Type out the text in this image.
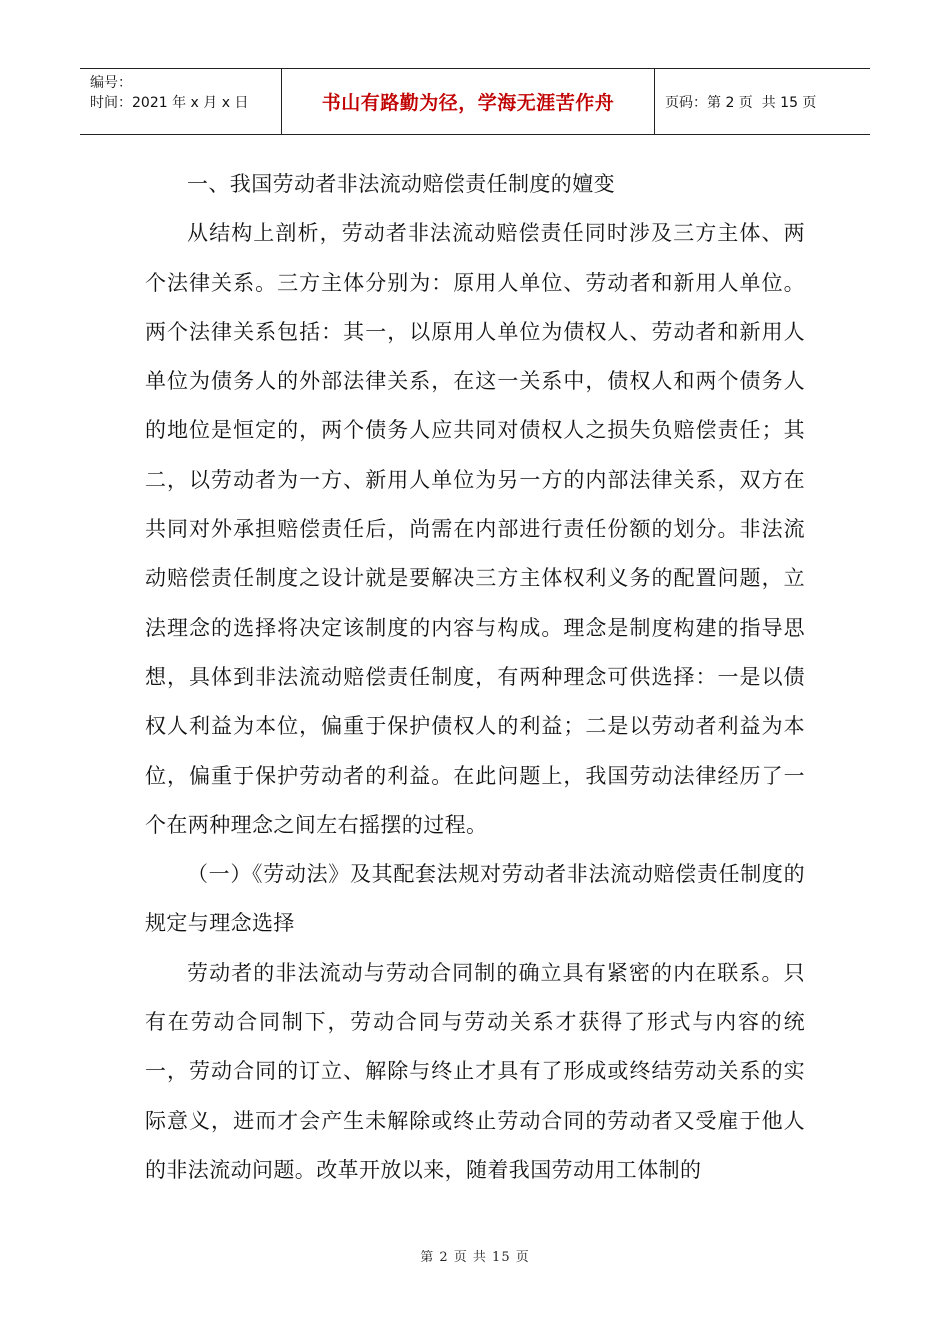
编号：
时间：2021 年 x 月 x 日	书山有路勤为径，学海无涯苦作舟	页码：第 2 页  共 15 页

一、我国劳动者非法流动赔偿责任制度的嬗变

从结构上剖析，劳动者非法流动赔偿责任同时涉及三方主体、两个法律关系。三方主体分别为：原用人单位、劳动者和新用人单位。两个法律关系包括：其一，以原用人单位为债权人、劳动者和新用人单位为债务人的外部法律关系，在这一关系中，债权人和两个债务人的地位是恒定的，两个债务人应共同对债权人之损失负赔偿责任；其二，以劳动者为一方、新用人单位为另一方的内部法律关系，双方在共同对外承担赔偿责任后，尚需在内部进行责任份额的划分。非法流动赔偿责任制度之设计就是要解决三方主体权利义务的配置问题，立法理念的选择将决定该制度的内容与构成。理念是制度构建的指导思想，具体到非法流动赔偿责任制度，有两种理念可供选择：一是以债权人利益为本位，偏重于保护债权人的利益；二是以劳动者利益为本位，偏重于保护劳动者的利益。在此问题上，我国劳动法律经历了一个在两种理念之间左右摇摆的过程。

（一）《劳动法》及其配套法规对劳动者非法流动赔偿责任制度的规定与理念选择

劳动者的非法流动与劳动合同制的确立具有紧密的内在联系。只有在劳动合同制下，劳动合同与劳动关系才获得了形式与内容的统一，劳动合同的订立、解除与终止才具有了形成或终结劳动关系的实际意义，进而才会产生未解除或终止劳动合同的劳动者又受雇于他人的非法流动问题。改革开放以来，随着我国劳动用工体制的

第 2 页 共 15 页
